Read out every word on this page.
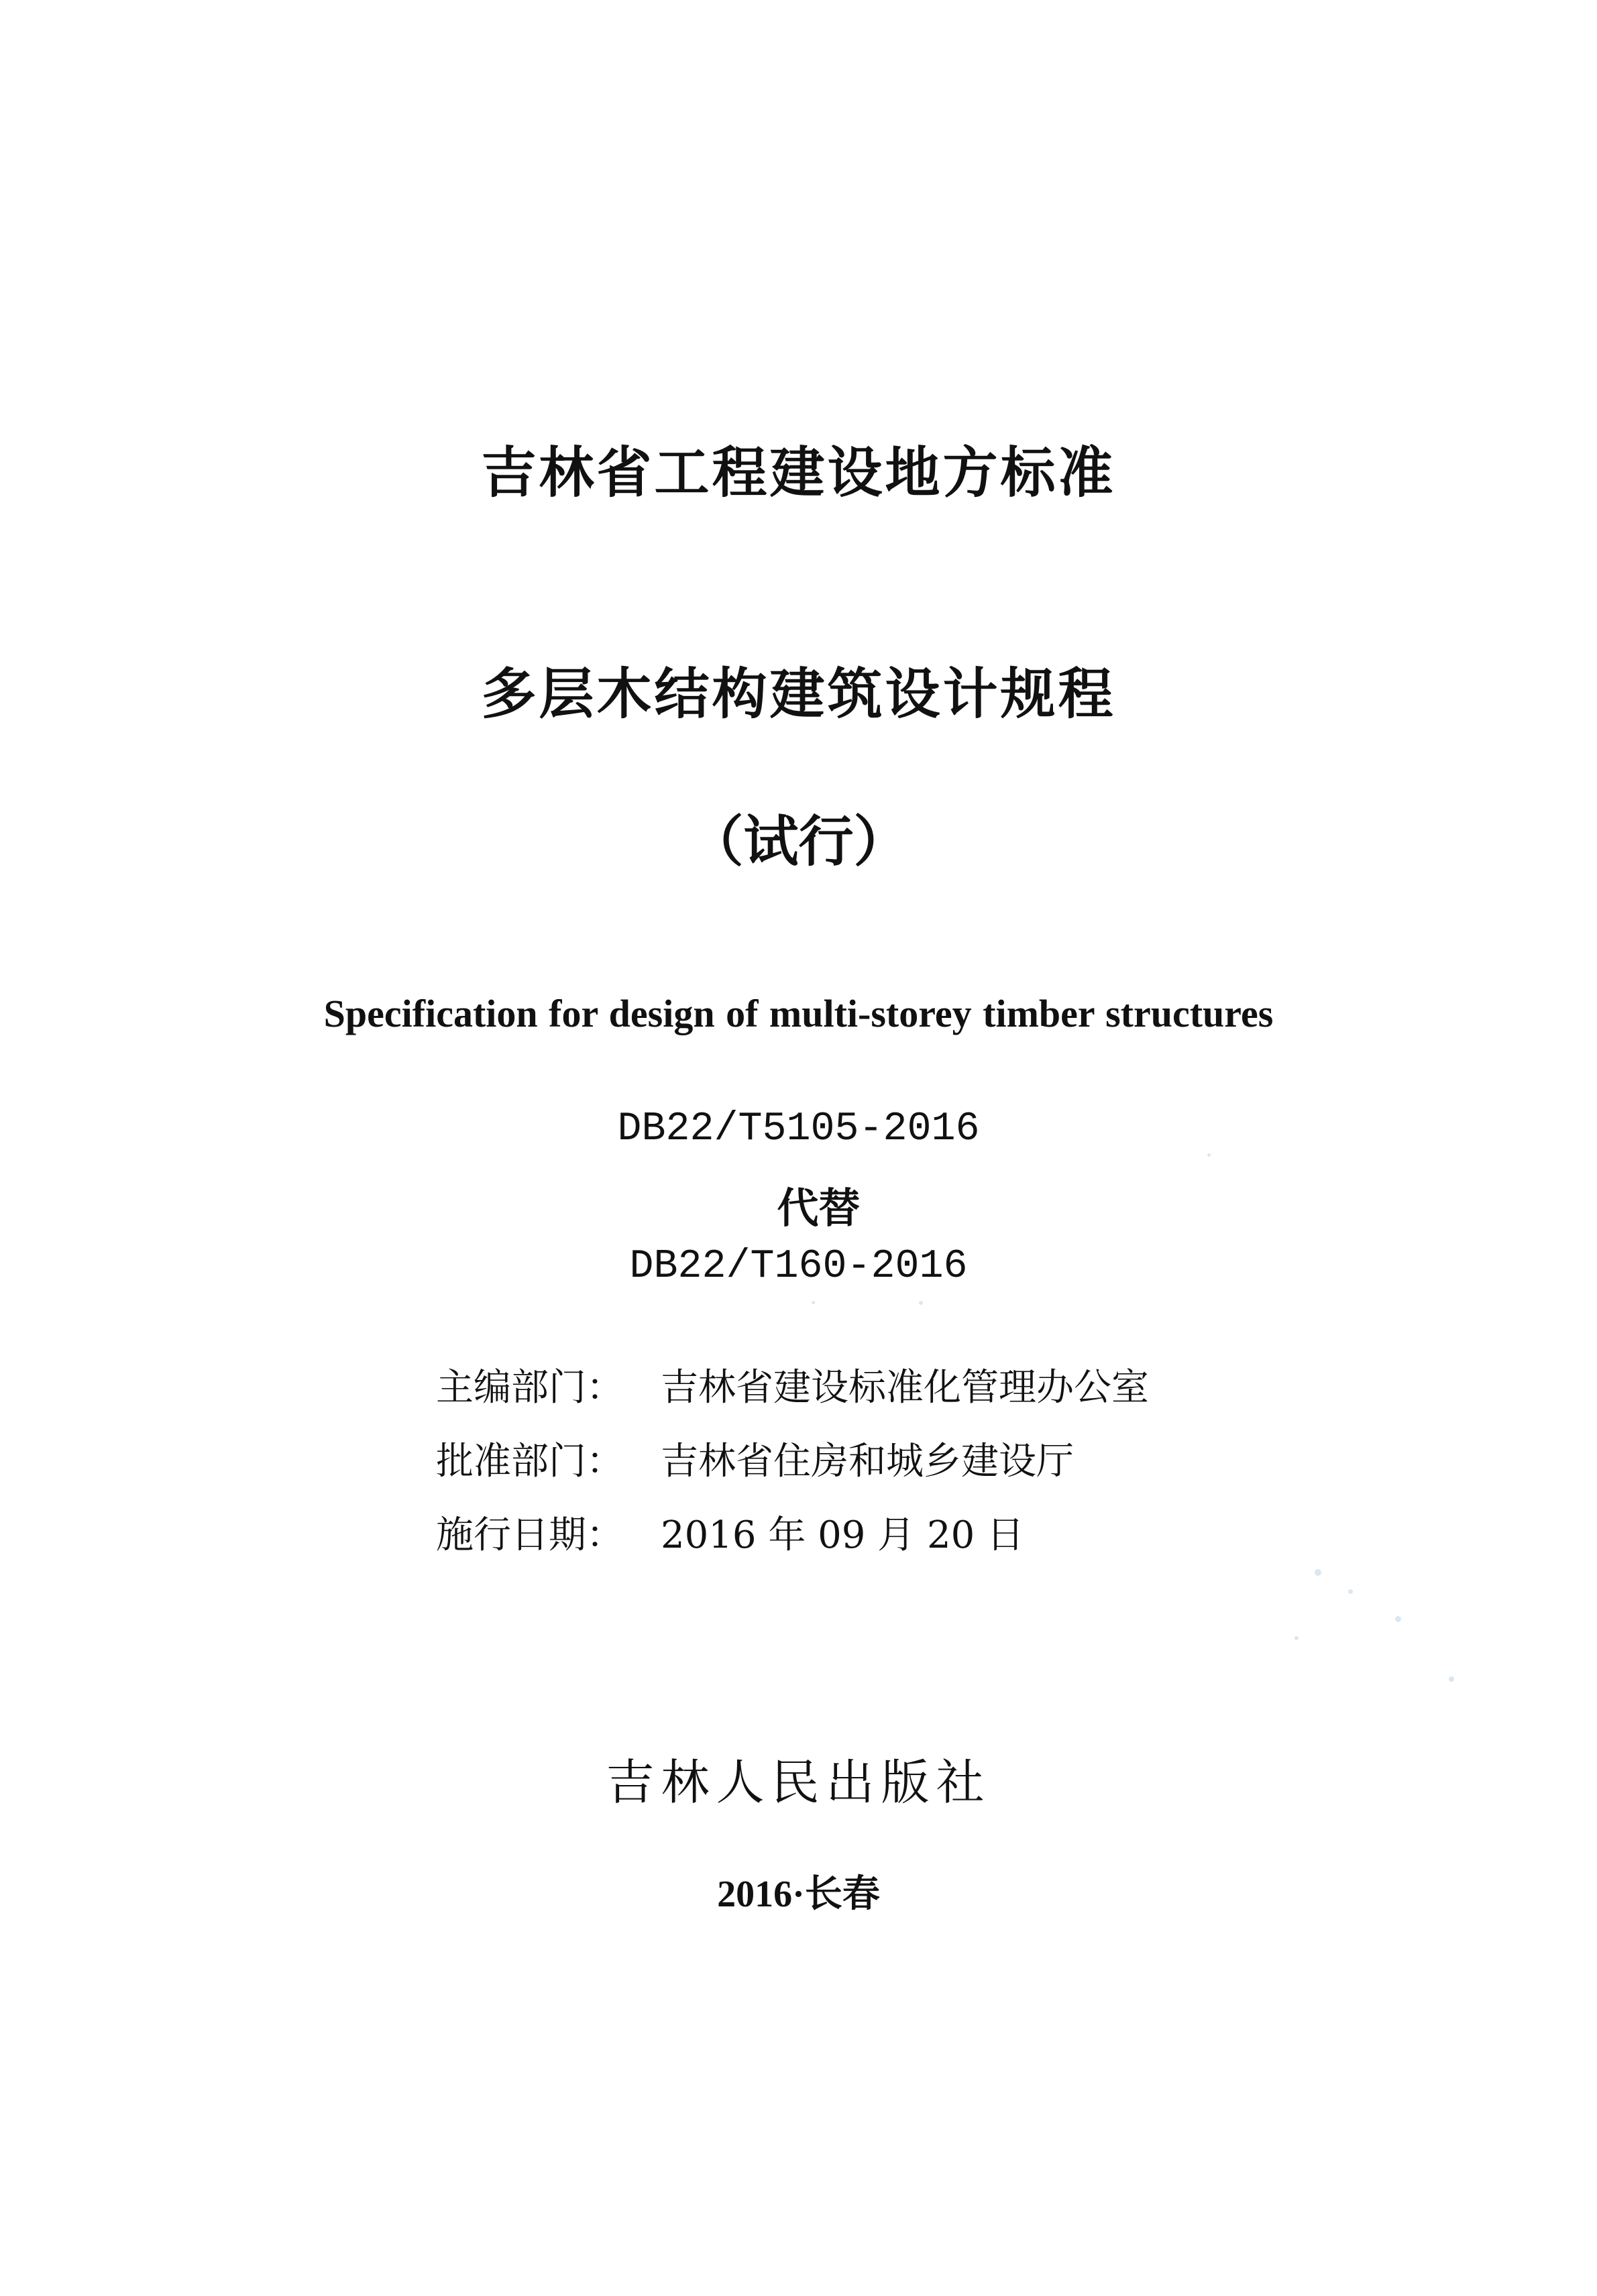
吉林省工程建设地方标准
多层木结构建筑设计规程
（试行）
Specification for design of multi-storey timber structures
DB22/T5105-2016
代替
DB22/T160-2016
主编部门： 吉林省建设标准化管理办公室
批准部门： 吉林省住房和城乡建设厅
施行日期： 2016 年 09 月 20 日
吉林人民出版社
2016·长春
